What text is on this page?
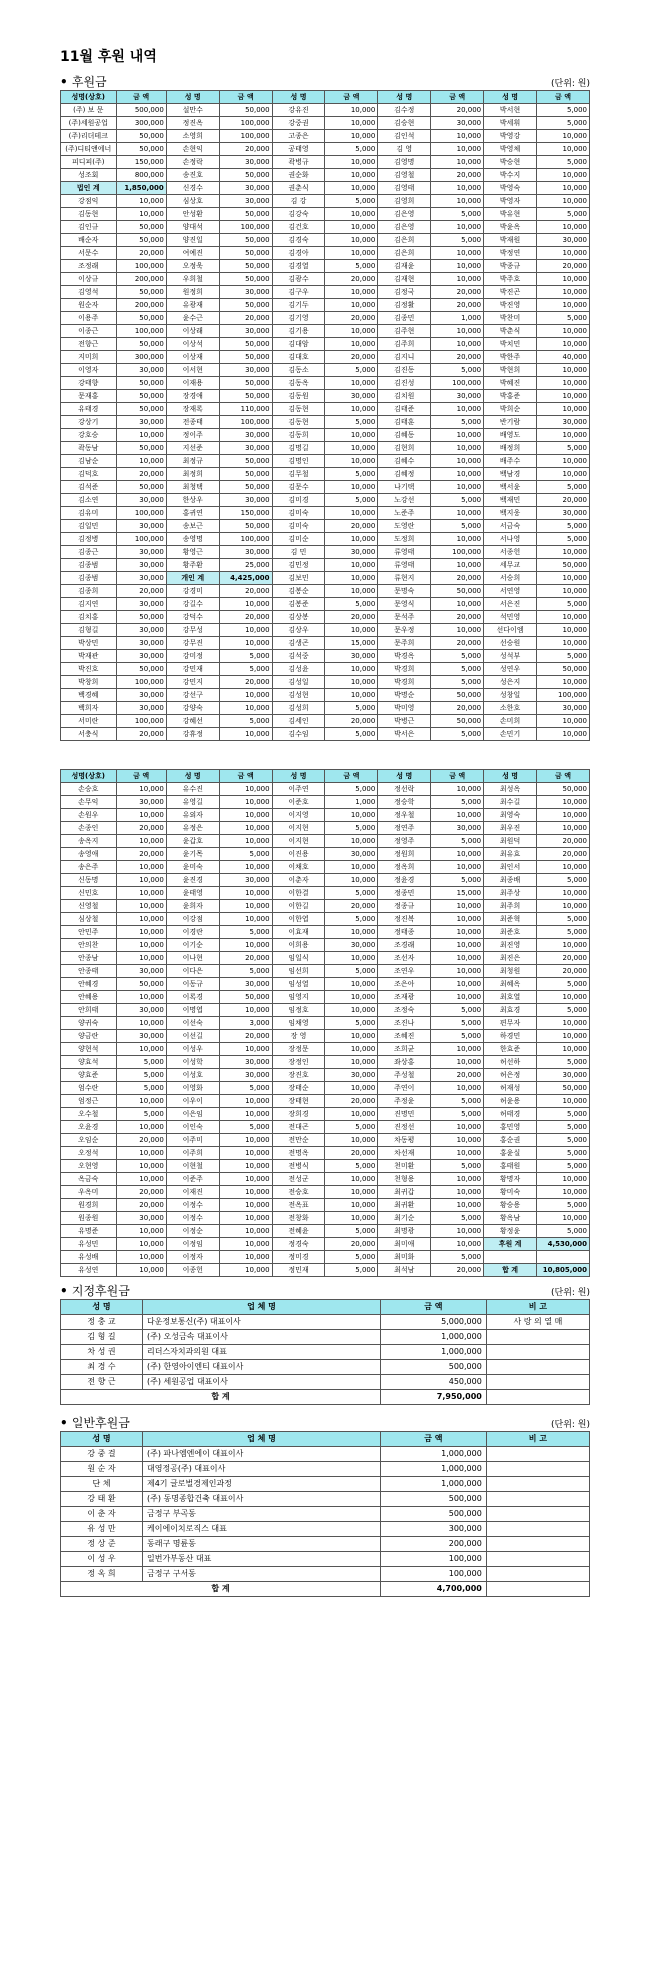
11월 후원 내역
• 후원금	(단위: 원)
성명(상호)	금 액	성 명	금 액	성 명	금 액	성 명	금 액	성 명	금 액
(주) 보 문	500,000	설만수	50,000	강유진	10,000	김수정	20,000	박서현	5,000
(주)세원공업	300,000	정진옥	100,000	강중권	10,000	김승현	30,000	박세휘	5,000
(주)리더테크	50,000	소영희	100,000	고종은	10,000	김인석	10,000	박영강	10,000
(주)디티앤에너	50,000	손현익	20,000	공태영	5,000	김 영	10,000	박영체	10,000
피디피(주)	150,000	손정락	30,000	곽병규	10,000	김영명	10,000	박승현	5,000
성조회	800,000	송진호	50,000	권순화	10,000	김영철	20,000	박수지	10,000
법인 계	1,850,000	신경수	30,000	권춘식	10,000	김영태	10,000	박영숙	10,000
강점익	10,000	심상호	30,000	김 강	5,000	김영희	10,000	박영자	10,000
김동현	10,000	안성환	50,000	김강숙	10,000	김은영	5,000	박유현	5,000
김인규	50,000	양대석	100,000	김건호	10,000	김은영	10,000	박윤옥	10,000
배순자	50,000	양진일	50,000	김경숙	10,000	김은희	5,000	박재원	30,000
서문수	20,000	여예진	50,000	김경아	10,000	김은희	10,000	박정연	10,000
조정래	100,000	오정욱	50,000	김경열	5,000	김재윤	10,000	박종규	20,000
이상규	200,000	우희철	50,000	김광수	20,000	김재현	10,000	박주호	10,000
김영석	50,000	원정희	30,000	김구우	10,000	김정국	20,000	박진곤	10,000
원순자	200,000	유광재	50,000	김기두	10,000	김정활	20,000	박진영	10,000
이용주	50,000	윤수근	20,000	김기영	20,000	김종민	1,000	박찬미	5,000
이종근	100,000	이상래	30,000	김기용	10,000	김주현	10,000	박춘식	10,000
전향근	50,000	이상석	50,000	김대암	10,000	김주희	10,000	박치민	10,000
지미희	300,000	이상재	50,000	김대호	20,000	김지니	20,000	박한주	40,000
이영자	30,000	이서현	30,000	김동소	5,000	김진동	5,000	박현희	10,000
강태향	50,000	이재용	50,000	김동옥	10,000	김진성	100,000	박혜진	10,000
문재홍	50,000	장경애	50,000	김동원	30,000	김치원	30,000	박홍준	10,000
유태경	50,000	장재록	110,000	김동현	10,000	김태준	10,000	박희순	10,000
강상기	30,000	전종태	100,000	김동현	5,000	김태훈	5,000	반기람	30,000
강호승	10,000	정이주	30,000	김동희	10,000	김혜동	10,000	배영도	10,000
곽동남	50,000	지선준	30,000	김명길	10,000	김현희	10,000	배정희	5,000
김남순	10,000	최정규	50,000	김명인	10,000	김혜수	10,000	배주수	10,000
김덕호	20,000	최정희	50,000	김무철	5,000	김혜정	10,000	백남경	10,000
김석준	50,000	최청택	50,000	김문수	10,000	나기택	10,000	백서윤	5,000
김소연	30,000	한상우	30,000	김미경	5,000	노강선	5,000	백재민	20,000
김유미	100,000	홍귀연	150,000	김미숙	10,000	노준주	10,000	백지웅	30,000
김일민	30,000	송보근	50,000	김미숙	20,000	도영란	5,000	서금숙	5,000
김정병	100,000	송영명	100,000	김미순	10,000	도정희	10,000	서나영	5,000
김종근	30,000	황영근	30,000	김 민	30,000	류영태	100,000	서종헌	10,000
김종범	30,000	황주환	25,000	김민정	10,000	류영태	10,000	세무교	50,000
김종범	30,000	개인 계	4,425,000	김보민	10,000	류현지	20,000	서승희	10,000
김종희	20,000	강경미	20,000	김봉순	10,000	문명숙	50,000	서연영	10,000
김지연	30,000	강길수	10,000	김봉준	5,000	문영식	10,000	서은진	5,000
김치홍	50,000	강덕수	20,000	김상봉	20,000	문석주	20,000	석민영	10,000
김형길	30,000	강무성	10,000	김상우	10,000	문우정	10,000	선다이엠	10,000
박상민	30,000	강무진	10,000	김생곤	15,000	문주희	20,000	선승원	10,000
박재관	30,000	강미정	5,000	김석중	30,000	박경옥	5,000	성석부	5,000
박진호	50,000	강민재	5,000	김성윤	10,000	박경희	5,000	성연우	50,000
박창희	100,000	강민지	20,000	김성일	10,000	박경희	5,000	성은지	10,000
백경혜	30,000	강선구	10,000	김성현	10,000	박명순	50,000	성창일	100,000
백희자	30,000	강양숙	10,000	김성희	5,000	박미영	20,000	소한호	30,000
서미란	100,000	강혜선	5,000	김세인	20,000	박병근	50,000	손미희	10,000
서충식	20,000	강휴정	10,000	김수임	5,000	박서은	5,000	손민기	10,000
성명(상호)	금 액	성 명	금 액	성 명	금 액	성 명	금 액	성 명	금 액
손승호	10,000	유수진	10,000	이주연	5,000	정선락	10,000	최성옥	50,000
손무익	30,000	유영길	10,000	이준호	1,000	정승학	5,000	최수길	10,000
손원우	10,000	유외자	10,000	이지영	10,000	정우철	10,000	최영숙	10,000
손종인	20,000	유정은	10,000	이지현	5,000	정연주	30,000	최우진	10,000
송옥지	10,000	윤갑호	10,000	이지현	10,000	정영주	5,000	최원덕	20,000
송영애	20,000	윤기목	5,000	이진용	30,000	정원희	10,000	최유효	20,000
송은주	10,000	윤미숙	10,000	이채호	10,000	정옥희	10,000	최인서	10,000
신동명	10,000	윤진경	30,000	이춘자	10,000	정윤경	5,000	최종배	5,000
신민호	10,000	윤태영	10,000	이한결	5,000	정종민	15,000	최주상	10,000
신영철	10,000	윤희자	10,000	이한길	20,000	정종규	10,000	최주희	10,000
심상철	10,000	이강점	10,000	이한엽	5,000	정진복	10,000	최준혁	5,000
안민주	10,000	이경란	5,000	이효재	10,000	정태종	10,000	최준호	5,000
안의찬	10,000	이기순	10,000	이희용	30,000	조경래	10,000	최진영	10,000
안종남	10,000	이나현	20,000	임일식	10,000	조선자	10,000	최진은	20,000
안종태	30,000	이다은	5,000	임선희	5,000	조연우	10,000	최청원	20,000
안혜경	50,000	이동규	30,000	임성열	10,000	조은아	10,000	최혜옥	5,000
안혜용	10,000	이록경	50,000	임영지	10,000	조재광	10,000	최호열	10,000
안희태	30,000	이명엽	10,000	임정호	10,000	조정숙	5,000	최효경	5,000
양귀숙	10,000	이선숙	3,000	임채영	5,000	조진나	5,000	편무자	10,000
양금란	30,000	이선길	20,000	장 영	10,000	조혜진	5,000	하경민	10,000
양현석	10,000	이성우	10,000	장정문	10,000	조희균	10,000	한효준	10,000
양효석	5,000	이성학	30,000	장정인	10,000	좌상홍	10,000	허선하	5,000
양효준	5,000	이성호	30,000	장진호	30,000	주성철	20,000	허은정	30,000
엄수란	5,000	이영화	5,000	장태순	10,000	주연이	10,000	허재성	50,000
엄정근	10,000	이우이	10,000	장태현	20,000	주정윤	5,000	허윤용	10,000
오수철	5,000	이은임	10,000	장희경	10,000	진명민	5,000	허태경	5,000
오윤경	10,000	이인숙	5,000	전대곤	5,000	진정선	10,000	홍민영	5,000
오임순	20,000	이주미	10,000	전만순	10,000	차동평	10,000	홍순권	5,000
오정석	10,000	이주희	10,000	전명옥	20,000	차선재	10,000	홍윤실	5,000
오현영	10,000	이현철	10,000	전병식	5,000	천미환	5,000	홍태원	5,000
옥금숙	10,000	이준주	10,000	전성군	10,000	천형용	10,000	황명자	10,000
우옥미	20,000	이재진	10,000	전승호	10,000	최귀갑	10,000	황미숙	10,000
원경희	20,000	이정수	10,000	전옥표	10,000	최귀환	10,000	황승용	5,000
원종원	30,000	이정수	10,000	전창화	10,000	최기순	5,000	황옥남	10,000
유명준	10,000	이정순	10,000	전혜윤	5,000	최명광	10,000	황정윤	5,000
유성민	10,000	이정임	10,000	정경숙	20,000	최미애	10,000	후원 계	4,530,000
유성배	10,000	이정자	10,000	정미경	5,000	최미화	5,000		
유성연	10,000	이종헌	10,000	정민재	5,000	최석남	20,000	합 계	10,805,000
• 지정후원금	(단위: 원)
성 명	업 체 명	금 액	비 고
정 충 교	다운정보통신(주) 대표이사	5,000,000	사 랑 의 열 매
김 형 길	(주) 오성금속 대표이사	1,000,000	
차 성 권	리더스자치과의원 대표	1,000,000	
최 경 수	(주) 한영아이엔티 대표이사	500,000	
전 향 근	(주) 세원공업 대표이사	450,000	
합 계		7,950,000	
• 일반후원금	(단위: 원)
성 명	업 체 명	금 액	비 고
강 중 걸	(주) 파나엠엔에이 대표이사	1,000,000	
원 순 자	대영정공(주) 대표이사	1,000,000	
단 체	제4기 글로벌경제인과정	1,000,000	
강 태 환	(주) 동명종합건축 대표이사	500,000	
이 춘 자	금정구 부곡동	500,000	
유 성 만	케이에이치로직스 대표	300,000	
정 상 준	동래구 명륜동	200,000	
이 성 우	일번가부동산 대표	100,000	
정 옥 희	금정구 구서동	100,000	
합 계		4,700,000	
